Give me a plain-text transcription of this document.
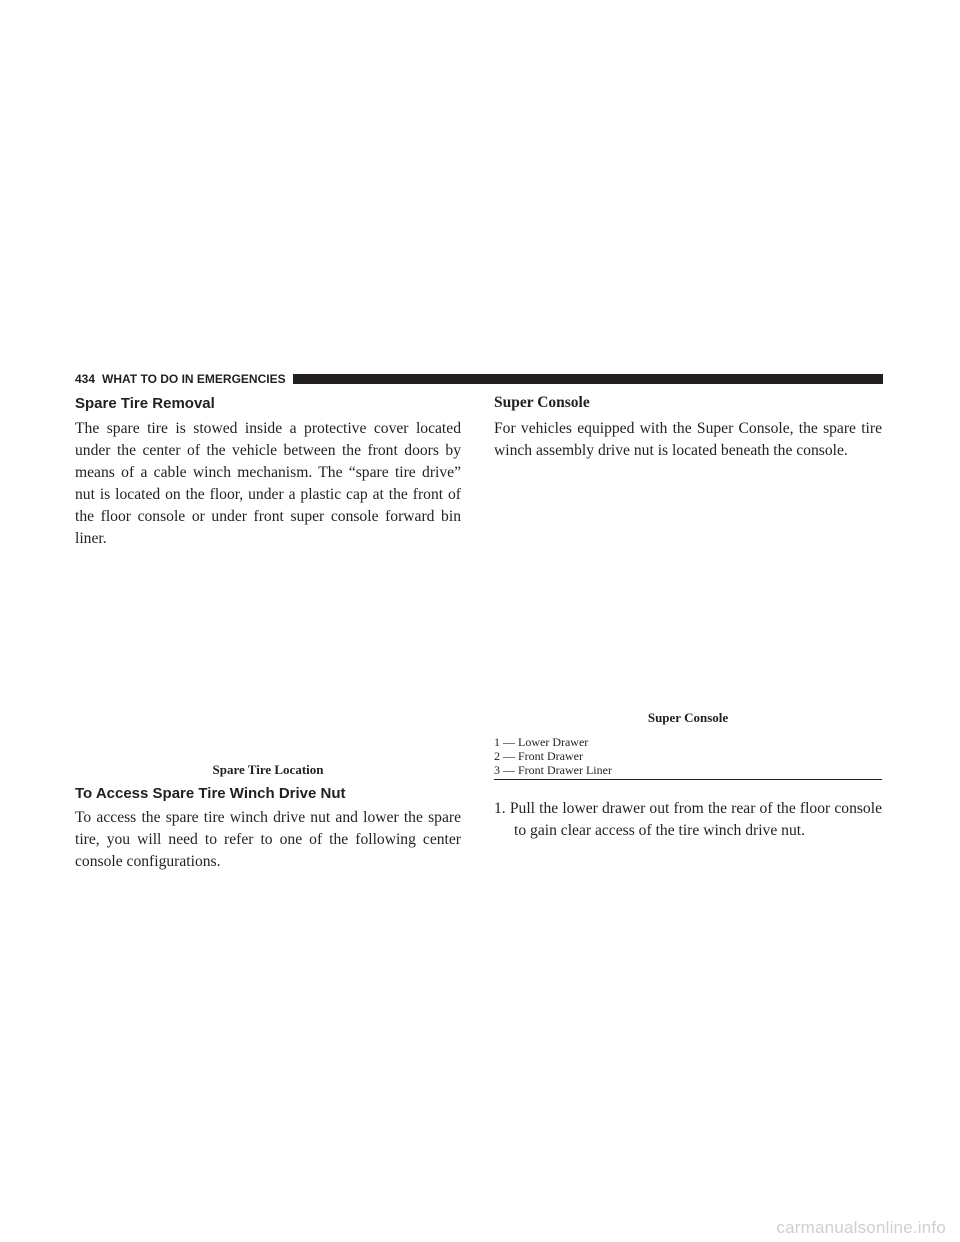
434 WHAT TO DO IN EMERGENCIES
Spare Tire Removal

The spare tire is stowed inside a protective cover located under the center of the vehicle between the front doors by means of a cable winch mechanism. The “spare tire drive” nut is located on the floor, under a plastic cap at the front of the floor console or under front super console forward bin liner.

Spare Tire Location

To Access Spare Tire Winch Drive Nut

To access the spare tire winch drive nut and lower the spare tire, you will need to refer to one of the following center console configurations.

Super Console

For vehicles equipped with the Super Console, the spare tire winch assembly drive nut is located beneath the console.

Super Console

1 — Lower Drawer
2 — Front Drawer
3 — Front Drawer Liner
1. Pull the lower drawer out from the rear of the floor console to gain clear access of the tire winch drive nut.
carmanualsonline.info
